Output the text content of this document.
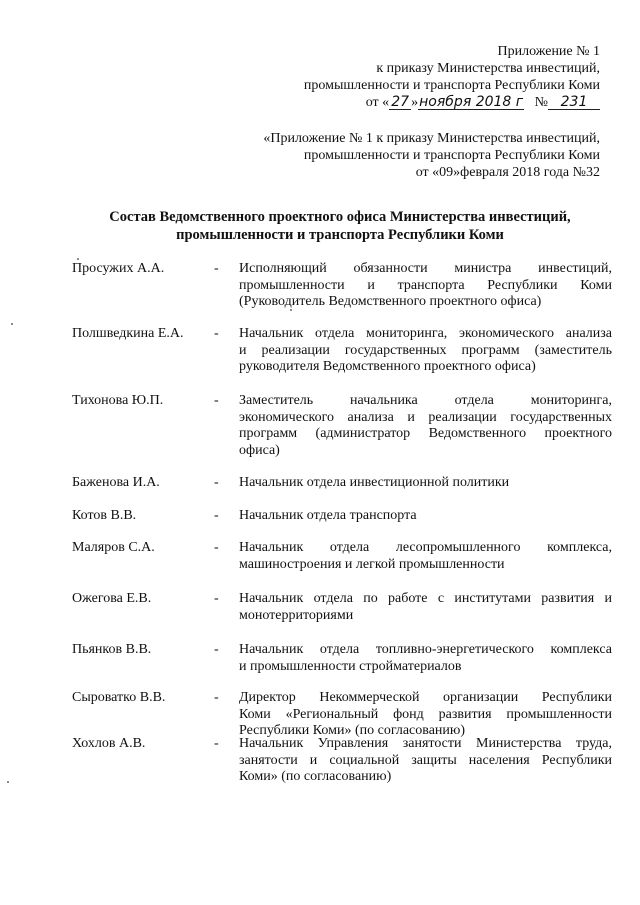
Приложение № 1
к приказу Министерства инвестиций,
промышленности и транспорта Республики Коми
от « 27 »ноября 2018 г № 231
«Приложение № 1 к приказу Министерства инвестиций,
промышленности и транспорта Республики Коми
от «09»февраля 2018 года №32
Состав Ведомственного проектного офиса Министерства инвестиций,
промышленности и транспорта Республики Коми
Просужих А.А.	- Исполняющий обязанности министра инвестиций,
промышленности и транспорта Республики Коми
(Руководитель Ведомственного проектного офиса)
Полшведкина Е.А. - Начальник отдела мониторинга, экономического анализа
и реализации государственных программ (заместитель
руководителя Ведомственного проектного офиса)
Тихонова Ю.П.	- Заместитель начальника отдела мониторинга,
экономического анализа и реализации государственных
программ (администратор Ведомственного проектного
офиса)
Баженова И.А.	- Начальник отдела инвестиционной политики
Котов В.В.	- Начальник отдела транспорта
Маляров С.А.	- Начальник отдела лесопромышленного комплекса,
машиностроения и легкой промышленности
Ожегова Е.В.	- Начальник отдела по работе с институтами развития и
монотерриториями
Пьянков В.В.	- Начальник отдела топливно-энергетического комплекса
и промышленности стройматериалов
Сыроватко В.В.	- Директор Некоммерческой организации Республики
Коми «Региональный фонд развития промышленности
Республики Коми» (по согласованию)
Хохлов А.В.	- Начальник Управления занятости Министерства труда,
занятости и социальной защиты населения Республики
Коми» (по согласованию)
